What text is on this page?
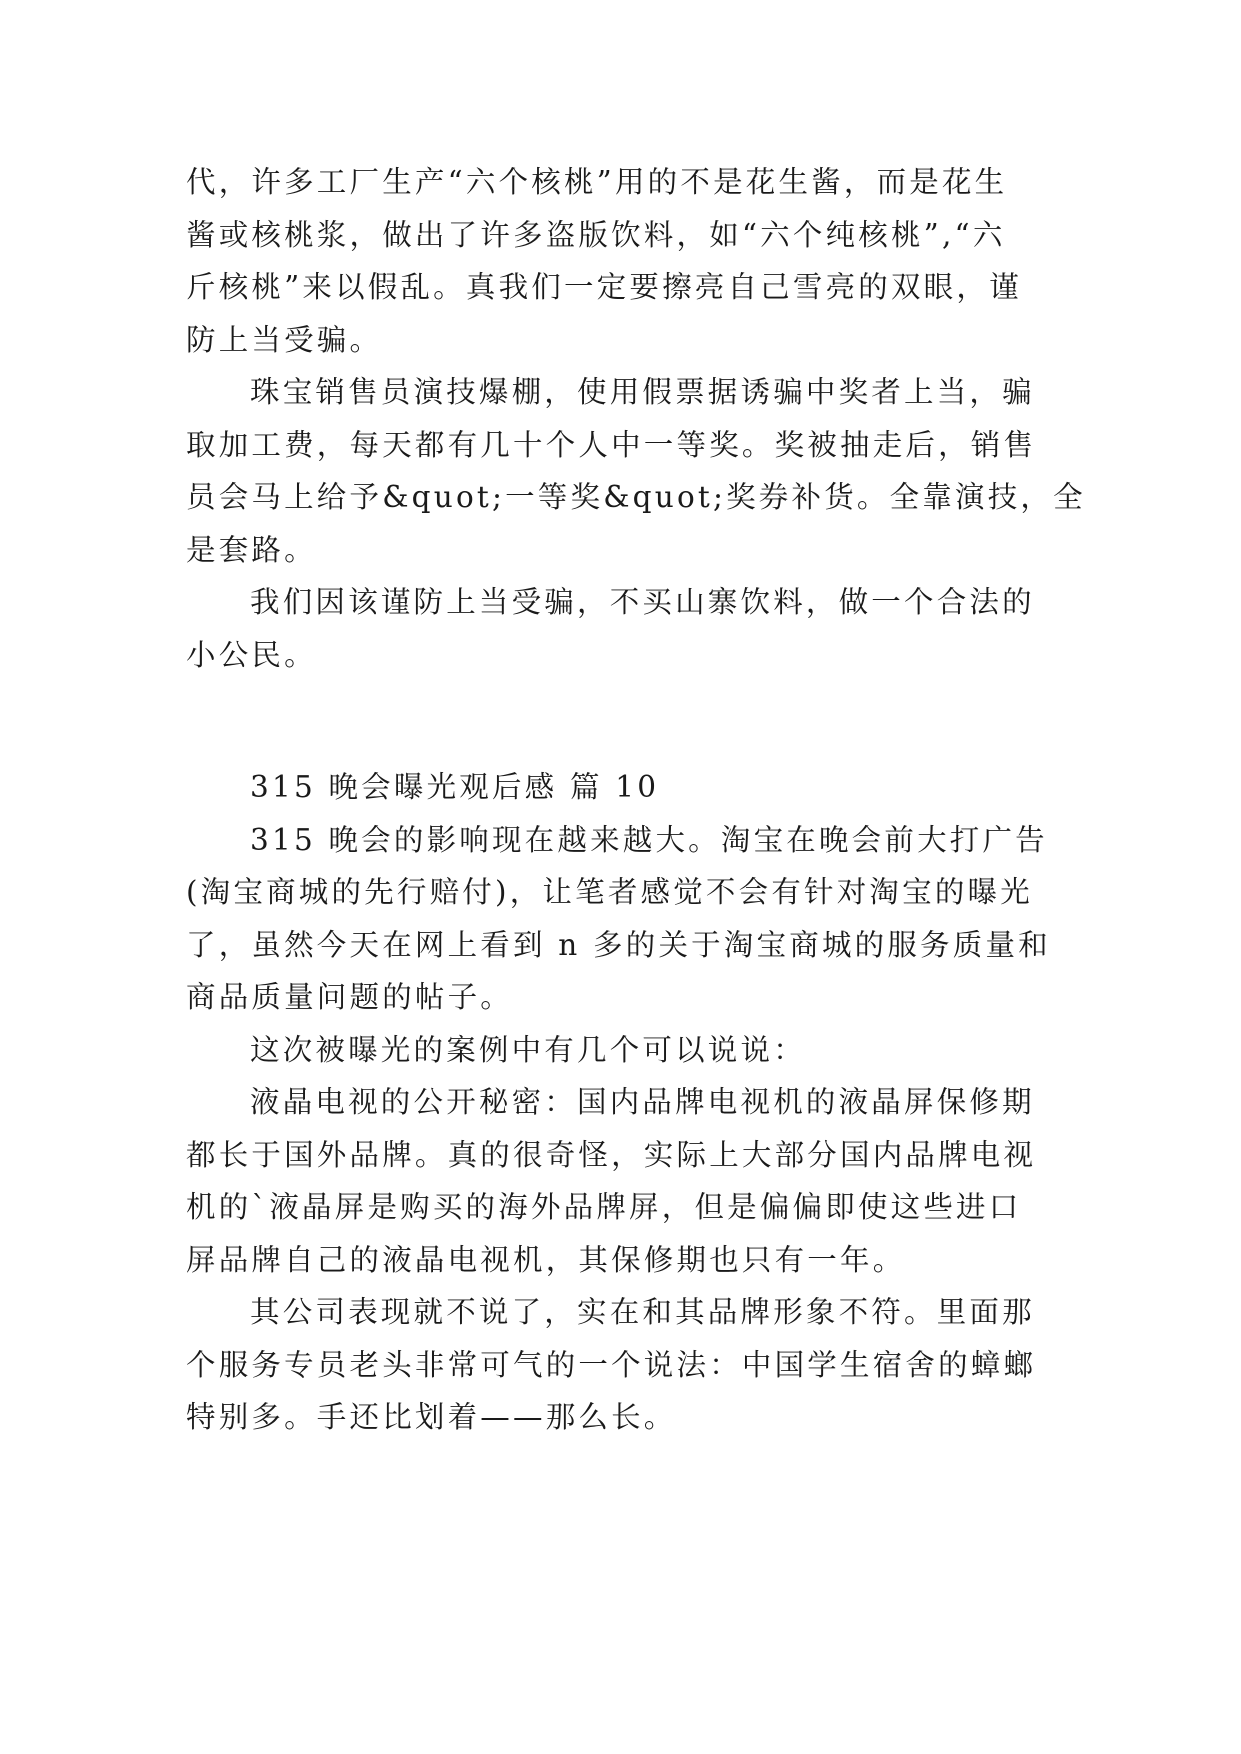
代，许多工厂生产“六个核桃”用的不是花生酱，而是花生
酱或核桃浆，做出了许多盗版饮料，如“六个纯核桃”,“六
斤核桃”来以假乱。真我们一定要擦亮自己雪亮的双眼，谨
防上当受骗。
珠宝销售员演技爆棚，使用假票据诱骗中奖者上当，骗
取加工费，每天都有几十个人中一等奖。奖被抽走后，销售
员会马上给予&quot;一等奖&quot;奖券补货。全靠演技，全
是套路。
我们因该谨防上当受骗，不买山寨饮料，做一个合法的
小公民。
315 晚会曝光观后感 篇 10
315 晚会的影响现在越来越大。淘宝在晚会前大打广告
(淘宝商城的先行赔付)，让笔者感觉不会有针对淘宝的曝光
了，虽然今天在网上看到 n 多的关于淘宝商城的服务质量和
商品质量问题的帖子。
这次被曝光的案例中有几个可以说说：
液晶电视的公开秘密：国内品牌电视机的液晶屏保修期
都长于国外品牌。真的很奇怪，实际上大部分国内品牌电视
机的`液晶屏是购买的海外品牌屏，但是偏偏即使这些进口
屏品牌自己的液晶电视机，其保修期也只有一年。
其公司表现就不说了，实在和其品牌形象不符。里面那
个服务专员老头非常可气的一个说法：中国学生宿舍的蟑螂
特别多。手还比划着——那么长。
